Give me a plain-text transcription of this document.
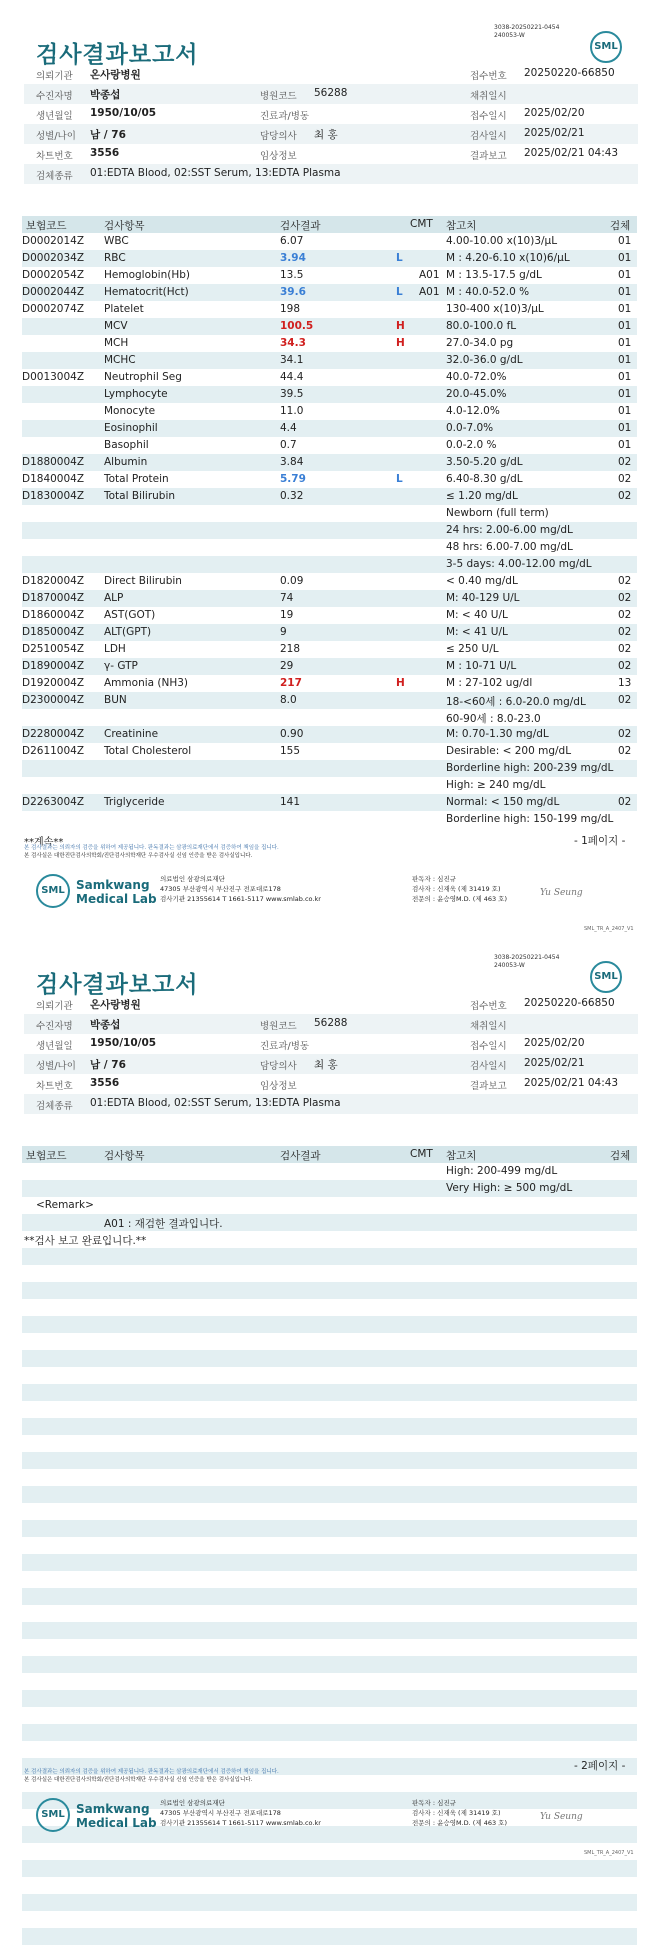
검사결과보고서
3038-20250221-0454
240053-W
SML
의뢰기관 온사랑병원	접수번호 20250220-66850
수진자명 박종섭	병원코드 56288	채취일시
생년월일 1950/10/05	진료과/병동	접수일시 2025/02/20
성별/나이 남 / 76	담당의사 최 홍	검사일시 2025/02/21
차트번호 3556	임상정보	결과보고 2025/02/21 04:43
검체종류 01:EDTA Blood, 02:SST Serum, 13:EDTA Plasma
보험코드	검사항목	검사결과	CMT 참고치	검체
D0002014Z WBC	6.07	4.00-10.00 x(10)3/μL	01
D0002034Z RBC	3.94	L	M : 4.20-6.10 x(10)6/μL	01
D0002054Z Hemoglobin(Hb)	13.5	A01 M : 13.5-17.5 g/dL	01
D0002044Z Hematocrit(Hct)	39.6	L A01 M : 40.0-52.0 %	01
D0002074Z Platelet	198	130-400 x(10)3/μL	01
MCV	100.5	H	80.0-100.0 fL	01
MCH	34.3	H	27.0-34.0 pg	01
MCHC	34.1	32.0-36.0 g/dL	01
D0013004Z Neutrophil Seg	44.4	40.0-72.0%	01
Lymphocyte	39.5	20.0-45.0%	01
Monocyte	11.0	4.0-12.0%	01
Eosinophil	4.4	0.0-7.0%	01
Basophil	0.7	0.0-2.0 %	01
D1880004Z Albumin	3.84	3.50-5.20 g/dL	02
D1840004Z Total Protein	5.79	L	6.40-8.30 g/dL	02
D1830004Z Total Bilirubin	0.32	≤ 1.20 mg/dL	02
Newborn (full term)
24 hrs: 2.00-6.00 mg/dL
48 hrs: 6.00-7.00 mg/dL
3-5 days: 4.00-12.00 mg/dL
D1820004Z Direct Bilirubin	0.09	< 0.40 mg/dL	02
D1870004Z ALP	74	M: 40-129 U/L	02
D1860004Z AST(GOT)	19	M: < 40 U/L	02
D1850004Z ALT(GPT)	9	M: < 41 U/L	02
D2510054Z LDH	218	≤ 250 U/L	02
D1890004Z γ- GTP	29	M : 10-71 U/L	02
D1920004Z Ammonia (NH3)	217	H	M : 27-102 ug/dl	13
D2300004Z BUN	8.0	18-<60세 : 6.0-20.0 mg/dL	02
60-90세 : 8.0-23.0
D2280004Z Creatinine	0.90	M: 0.70-1.30 mg/dL	02
D2611004Z Total Cholesterol	155	Desirable: < 200 mg/dL	02
Borderline high: 200-239 mg/dL
High: ≥ 240 mg/dL
D2263004Z Triglyceride	141	Normal: < 150 mg/dL	02
Borderline high: 150-199 mg/dL
**계속**	- 1페이지 -
본 검사결과는 의뢰자의 검증을 위하여 제공됩니다. 판독결과는 삼광의료재단에서 검증하여 책임을 집니다.
본 검사실은 대한진단검사의학회/진단검사의학재단 우수검사실 신임 인증을 받은 검사실입니다.
SML Samkwang
Medical Lab
의료법인 삼광의료재단
47305 부산광역시 부산진구 전포대로178
검사기관 21355614 T 1661-5117 www.smlab.co.kr
판독자 : 심진규
검사자 : 신재욱 (제 31419 호)
전문의 : 윤승영M.D. (제 463 호)
Yu Seung
SML_TR_A_2407_V1
검사결과보고서
3038-20250221-0454
240053-W
SML
의뢰기관 온사랑병원	접수번호 20250220-66850
수진자명 박종섭	병원코드 56288	채취일시
생년월일 1950/10/05	진료과/병동	접수일시 2025/02/20
성별/나이 남 / 76	담당의사 최 홍	검사일시 2025/02/21
차트번호 3556	임상정보	결과보고 2025/02/21 04:43
검체종류 01:EDTA Blood, 02:SST Serum, 13:EDTA Plasma
보험코드	검사항목	검사결과	CMT 참고치	검체
High: 200-499 mg/dL
Very High: ≥ 500 mg/dL
<Remark>
A01 : 재검한 결과입니다.
**검사 보고 완료입니다.**
- 2페이지 -
본 검사결과는 의뢰자의 검증을 위하여 제공됩니다. 판독결과는 삼광의료재단에서 검증하여 책임을 집니다.
본 검사실은 대한진단검사의학회/진단검사의학재단 우수검사실 신임 인증을 받은 검사실입니다.
SML Samkwang
Medical Lab
의료법인 삼광의료재단
47305 부산광역시 부산진구 전포대로178
검사기관 21355614 T 1661-5117 www.smlab.co.kr
판독자 : 심진규
검사자 : 신재욱 (제 31419 호)
전문의 : 윤승영M.D. (제 463 호)
Yu Seung
SML_TR_A_2407_V1
